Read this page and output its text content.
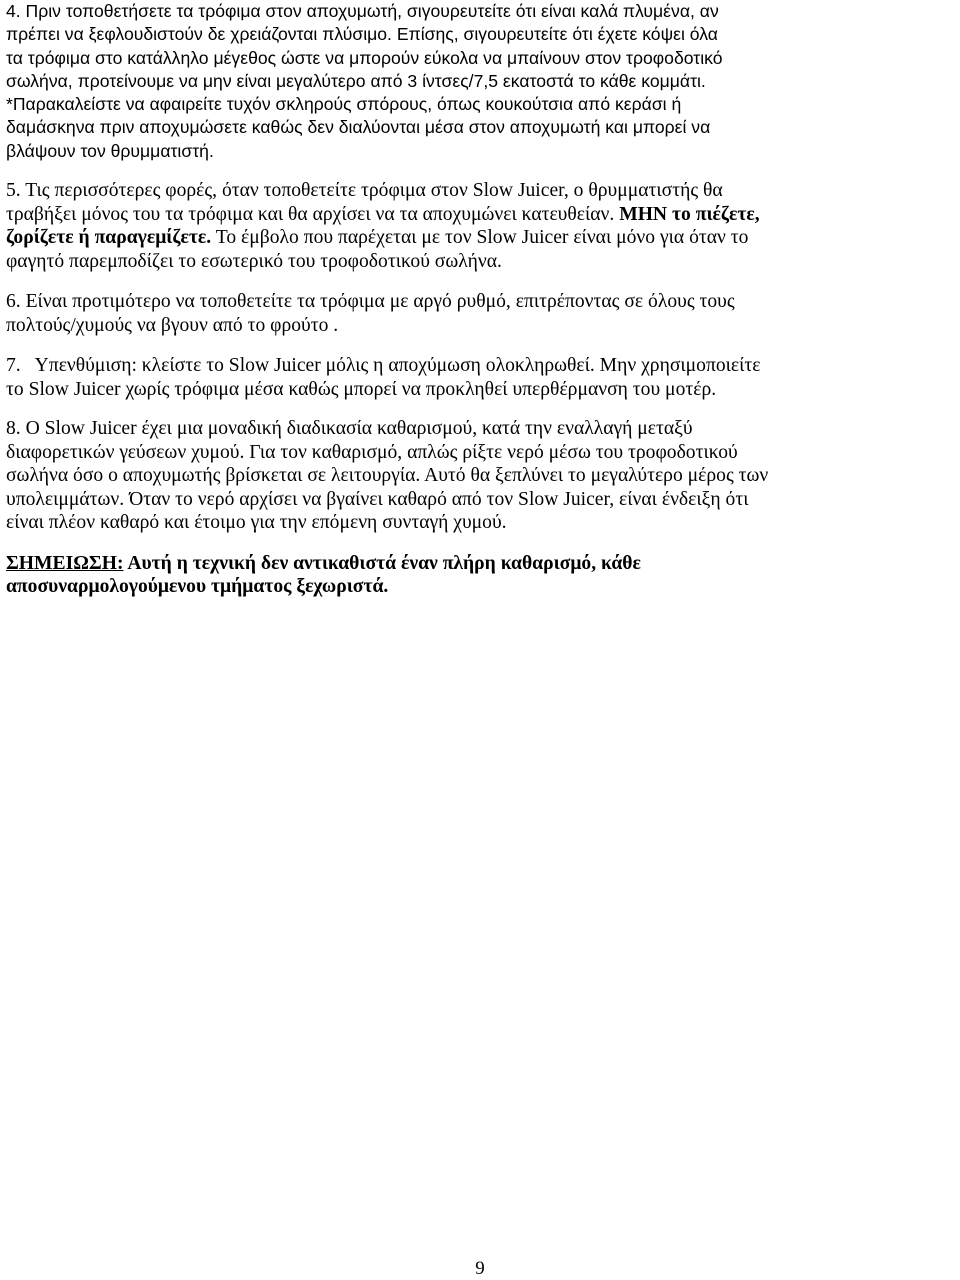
4. Πριν τοποθετήσετε τα τρόφιμα στον αποχυμωτή, σιγουρευτείτε ότι είναι καλά πλυμένα, αν
πρέπει να ξεφλουδιστούν δε χρειάζονται πλύσιμο. Επίσης, σιγουρευτείτε ότι έχετε κόψει όλα
τα τρόφιμα στο κατάλληλο μέγεθος ώστε να μπορούν εύκολα να μπαίνουν στον τροφοδοτικό
σωλήνα, προτείνουμε να μην είναι μεγαλύτερο από 3 ίντσες/7,5 εκατοστά το κάθε κομμάτι.
*Παρακαλείστε να αφαιρείτε τυχόν σκληρούς σπόρους, όπως κουκούτσια από κεράσι ή
δαμάσκηνα πριν αποχυμώσετε καθώς δεν διαλύονται μέσα στον αποχυμωτή και μπορεί να
βλάψουν τον θρυμματιστή.
5. Τις περισσότερες φορές, όταν τοποθετείτε τρόφιμα στον Slow Juicer, ο θρυμματιστής θα
τραβήξει μόνος του τα τρόφιμα και θα αρχίσει να τα αποχυμώνει κατευθείαν. ΜΗΝ το πιέζετε,
ζορίζετε ή παραγεμίζετε. Το έμβολο που παρέχεται με τον Slow Juicer είναι μόνο για όταν το
φαγητό παρεμποδίζει το εσωτερικό του τροφοδοτικού σωλήνα.
6. Είναι προτιμότερο να τοποθετείτε τα τρόφιμα με αργό ρυθμό, επιτρέποντας σε όλους τους
πολτούς/χυμούς να βγουν από το φρούτο .
7.   Υπενθύμιση: κλείστε το Slow Juicer μόλις η αποχύμωση ολοκληρωθεί. Μην χρησιμοποιείτε
το Slow Juicer χωρίς τρόφιμα μέσα καθώς μπορεί να προκληθεί υπερθέρμανση του μοτέρ.
8. Ο Slow Juicer έχει μια μοναδική διαδικασία καθαρισμού, κατά την εναλλαγή μεταξύ
διαφορετικών γεύσεων χυμού. Για τον καθαρισμό, απλώς ρίξτε νερό μέσω του τροφοδοτικού
σωλήνα όσο ο αποχυμωτής βρίσκεται σε λειτουργία. Αυτό θα ξεπλύνει το μεγαλύτερο μέρος των
υπολειμμάτων. Όταν το νερό αρχίσει να βγαίνει καθαρό από τον Slow Juicer, είναι ένδειξη ότι
είναι πλέον καθαρό και έτοιμο για την επόμενη συνταγή χυμού.
ΣΗΜΕΙΩΣΗ: Αυτή η τεχνική δεν αντικαθιστά έναν πλήρη καθαρισμό, κάθε
αποσυναρμολογούμενου τμήματος ξεχωριστά.
9
